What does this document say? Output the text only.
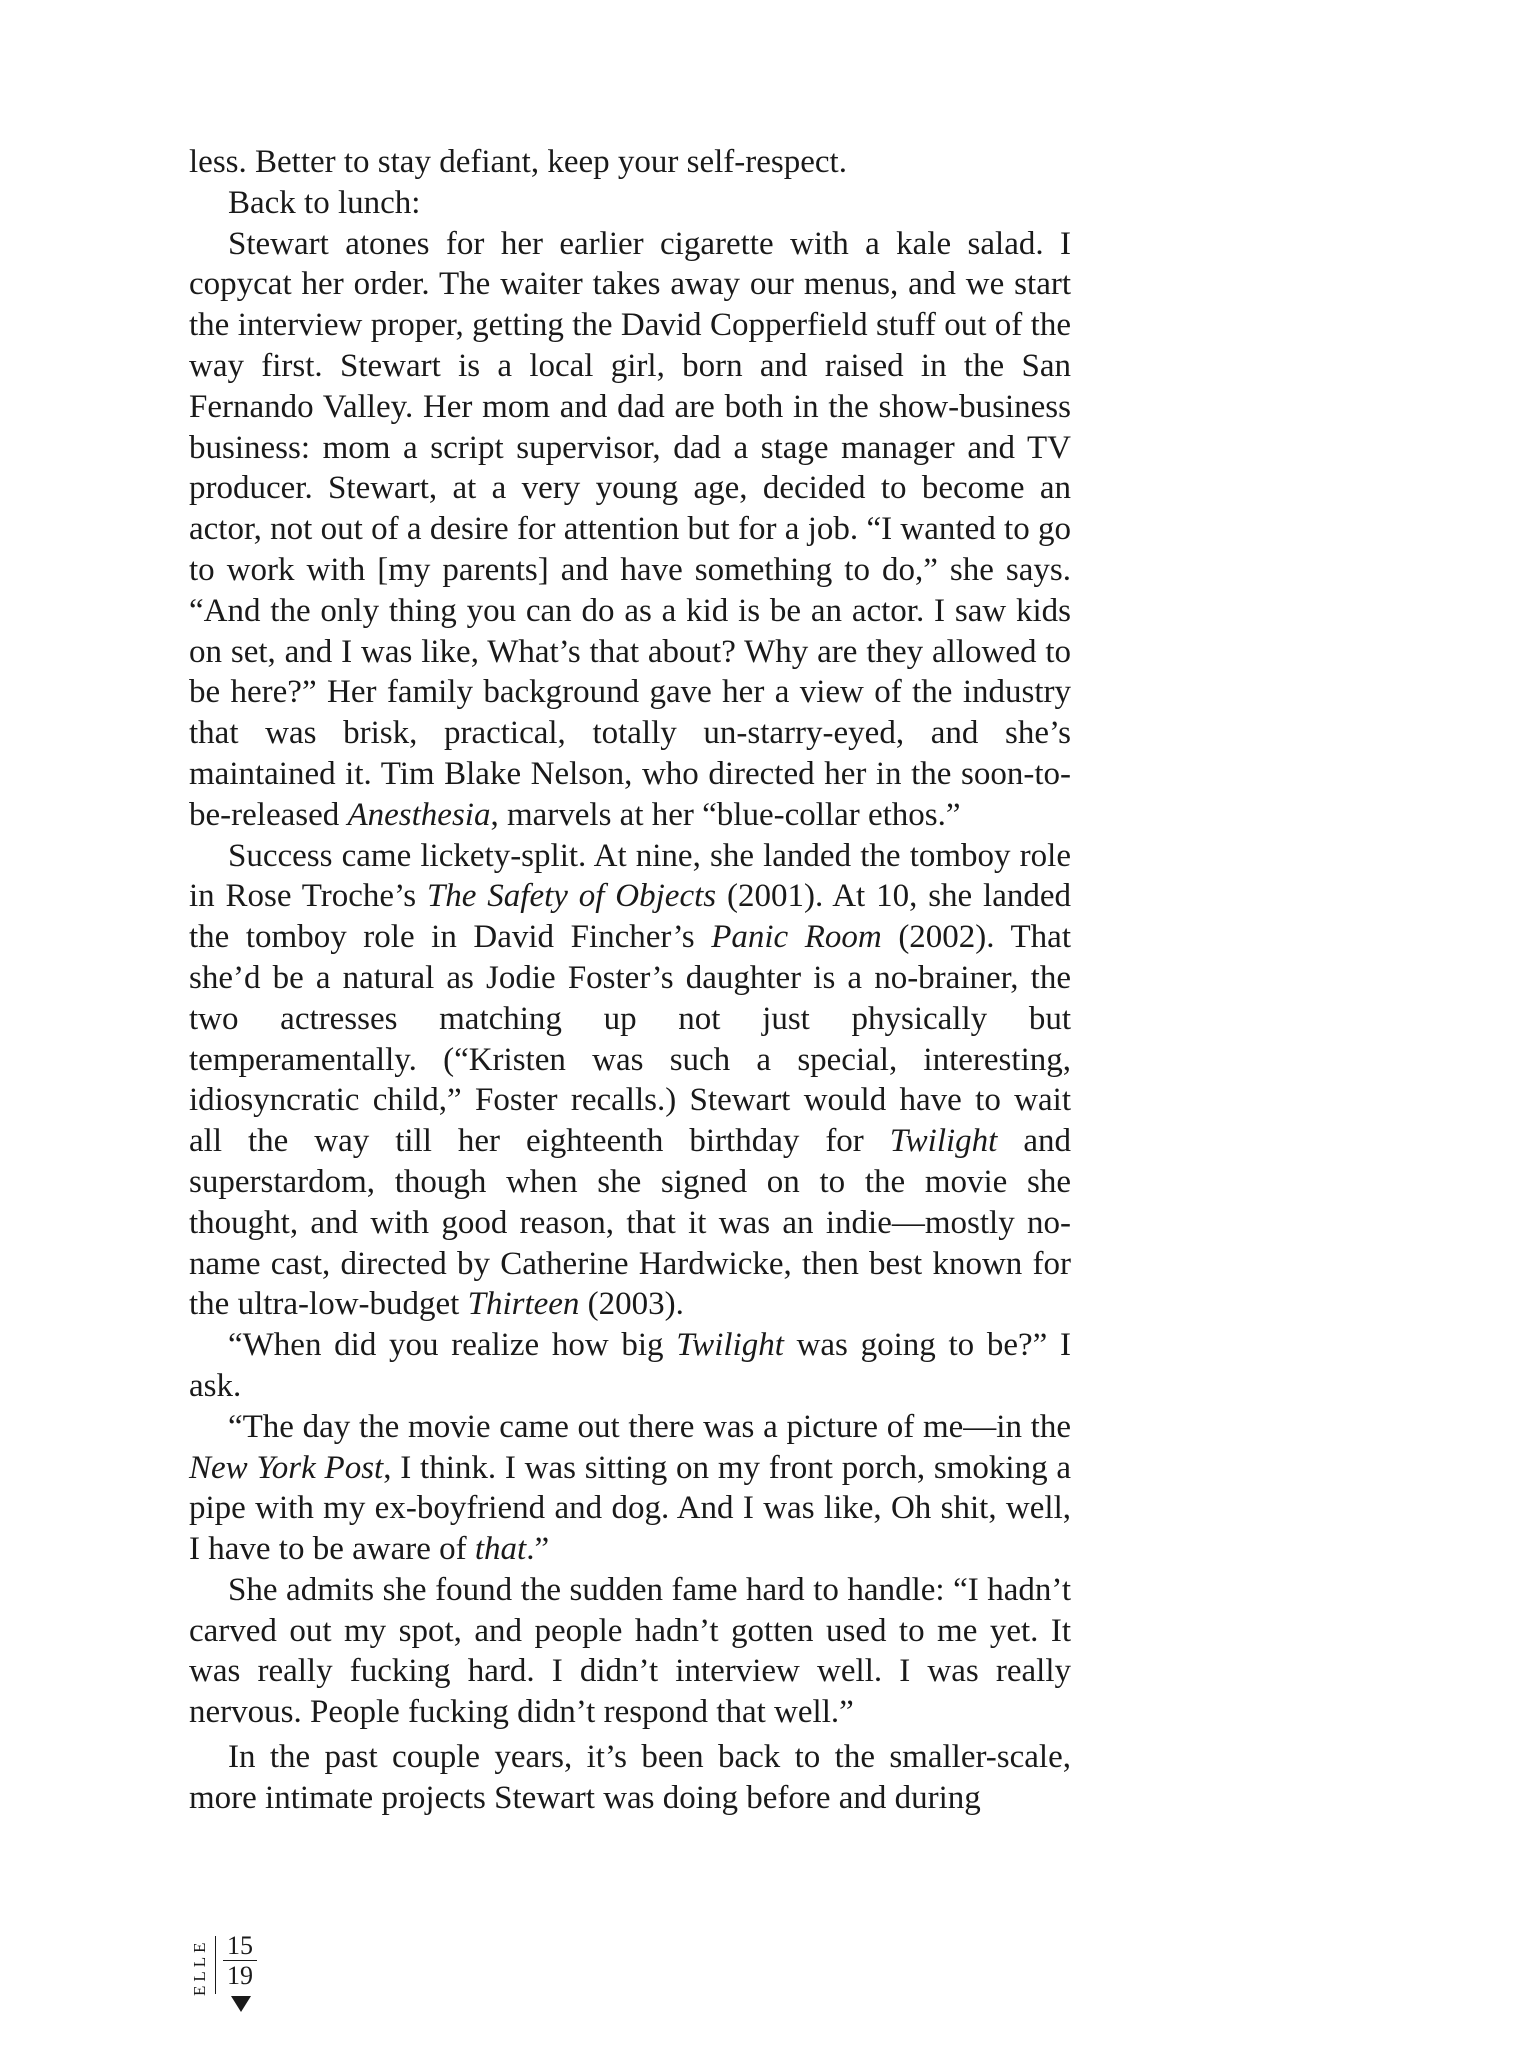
less. Better to stay defiant, keep your self-respect.

Back to lunch:

Stewart atones for her earlier cigarette with a kale salad. I copycat her order. The waiter takes away our menus, and we start the interview proper, getting the David Copperfield stuff out of the way first. Stewart is a local girl, born and raised in the San Fernando Valley. Her mom and dad are both in the show-business business: mom a script supervisor, dad a stage manager and TV producer. Stewart, at a very young age, decided to become an actor, not out of a desire for attention but for a job. “I wanted to go to work with [my parents] and have something to do,” she says. “And the only thing you can do as a kid is be an actor. I saw kids on set, and I was like, What’s that about? Why are they allowed to be here?” Her family background gave her a view of the industry that was brisk, practical, totally un-starry-eyed, and she’s maintained it. Tim Blake Nelson, who directed her in the soon-to-be-released Anesthesia, marvels at her “blue-collar ethos.”

Success came lickety-split. At nine, she landed the tomboy role in Rose Troche’s The Safety of Objects (2001). At 10, she landed the tomboy role in David Fincher’s Panic Room (2002). That she’d be a natural as Jodie Foster’s daughter is a no-brainer, the two actresses matching up not just physically but temperamentally. (“Kristen was such a special, interesting, idiosyncratic child,” Foster recalls.) Stewart would have to wait all the way till her eighteenth birthday for Twilight and superstardom, though when she signed on to the movie she thought, and with good reason, that it was an indie—mostly no-name cast, directed by Catherine Hardwicke, then best known for the ultra-low-budget Thirteen (2003).

“When did you realize how big Twilight was going to be?” I ask.

“The day the movie came out there was a picture of me—in the New York Post, I think. I was sitting on my front porch, smoking a pipe with my ex-boyfriend and dog. And I was like, Oh shit, well, I have to be aware of that.”

She admits she found the sudden fame hard to handle: “I hadn’t carved out my spot, and people hadn’t gotten used to me yet. It was really fucking hard. I didn’t interview well. I was really nervous. People fucking didn’t respond that well.”

In the past couple years, it’s been back to the smaller-scale, more intimate projects Stewart was doing before and during

ELLE 15
19
